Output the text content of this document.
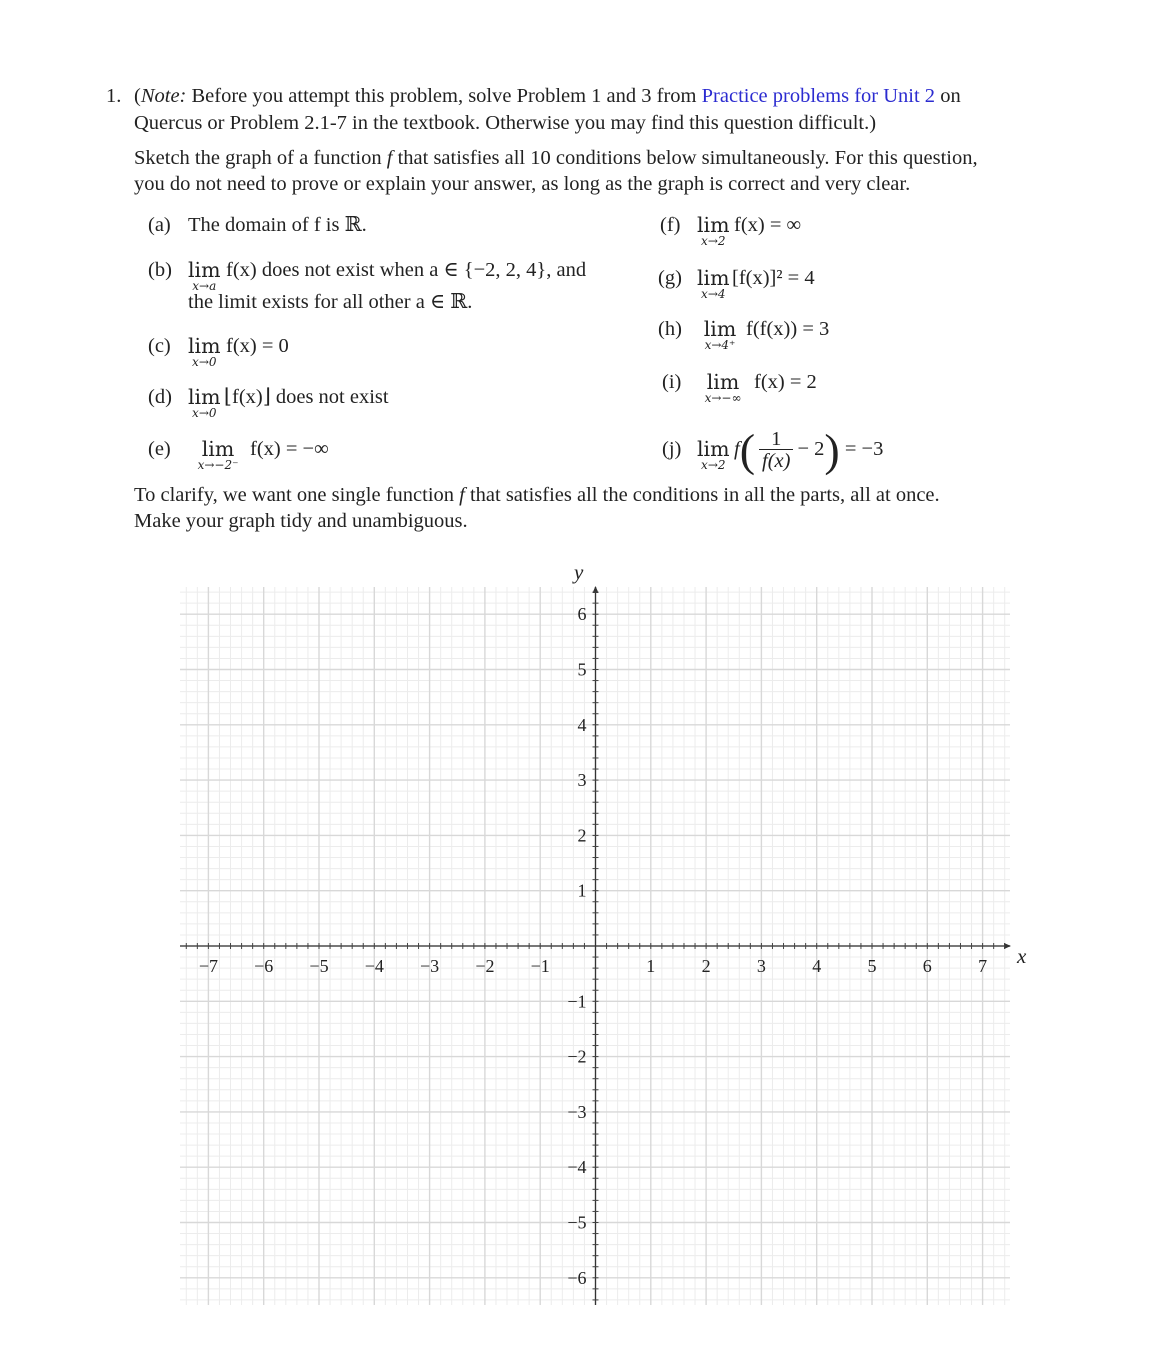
1. (Note: Before you attempt this problem, solve Problem 1 and 3 from Practice problems for Unit 2 on
Quercus or Problem 2.1-7 in the textbook. Otherwise you may find this question difficult.)
Sketch the graph of a function f that satisfies all 10 conditions below simultaneously. For this question,
you do not need to prove or explain your answer, as long as the graph is correct and very clear.
(a) The domain of f is ℝ.
(b) lim
x→a
f(x) does not exist when a ∈ {−2, 2, 4}, and
the limit exists for all other a ∈ ℝ.
(c) lim
x→0
f(x) = 0
(d) lim
x→0
⌊f(x)⌋ does not exist
(e)	lim
x→−2⁻
f(x) = −∞
(f) lim
x→2
f(x) = ∞
(g) lim
x→4
[f(x)]² = 4
(h) lim
x→4⁺
f(f(x)) = 3
(i)	lim
x→−∞
f(x) = 2
(j) lim
x→2
$f( \frac{1}{f(x)} - 2) = -3$
To clarify, we want one single function f that satisfies all the conditions in all the parts, all at once.
Make your graph tidy and unambiguous.
−7 −6 −5 −4 −3 −2 −1	1	2	3	4	5	6	7
6
5
4
3
2
1
−1
−2
−3
−4
−5
−6
y
x
